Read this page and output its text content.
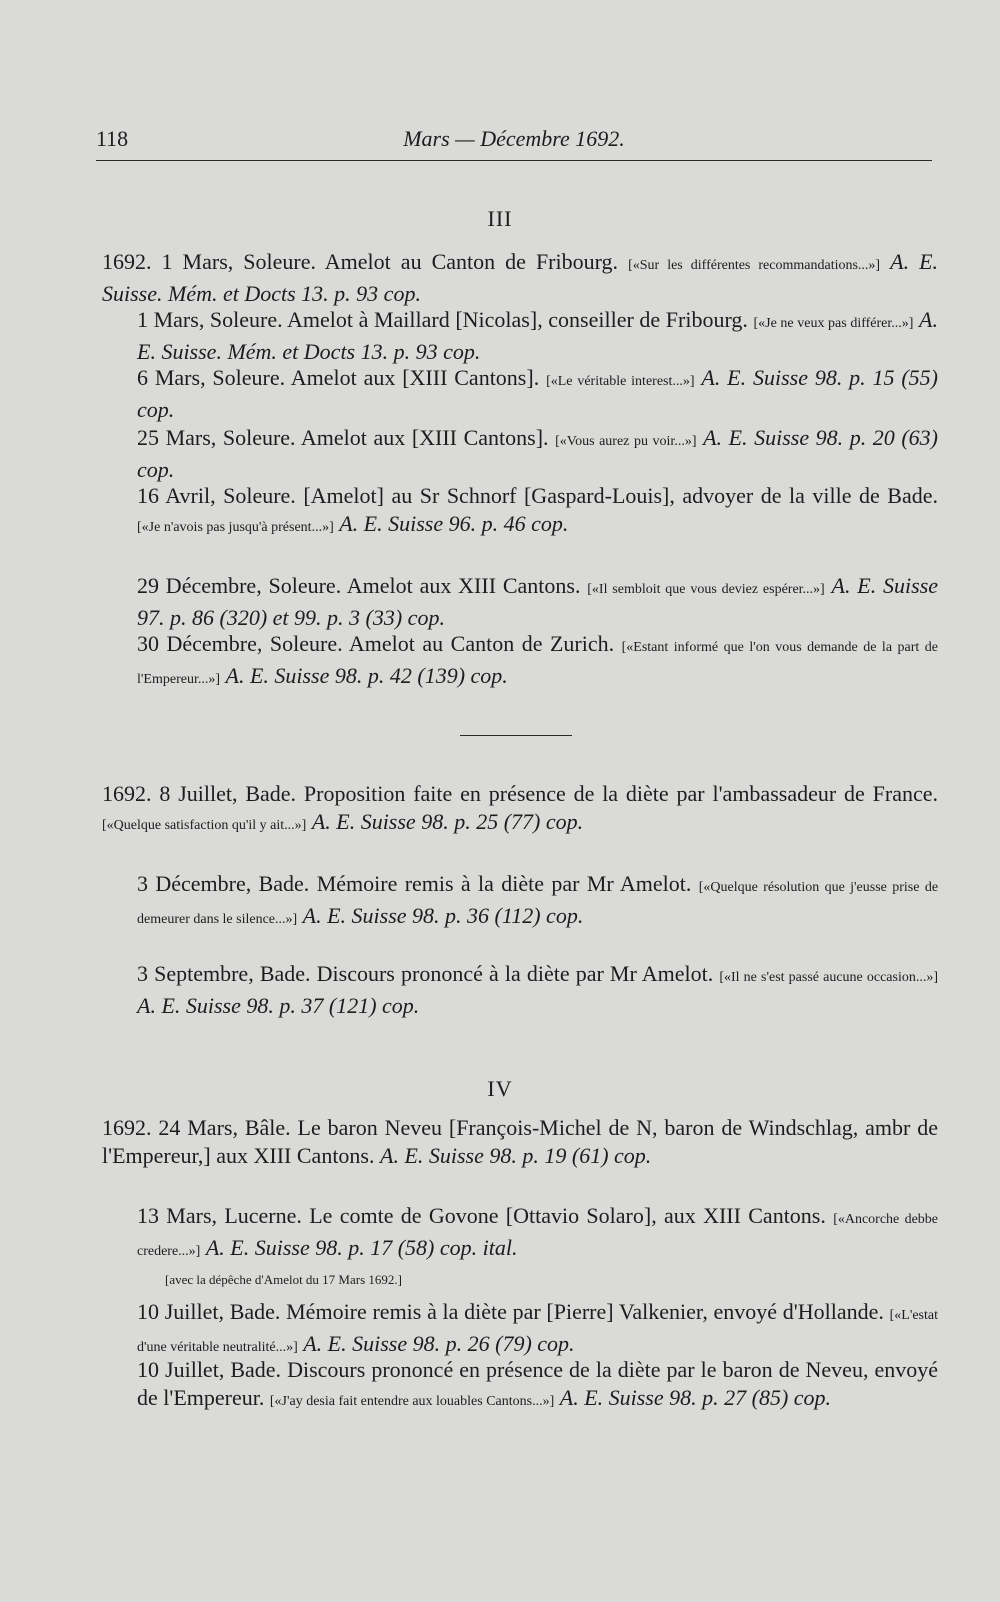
118	Mars — Décembre 1692.
III
1692. 1 Mars, Soleure. Amelot au Canton de Fribourg. [«Sur les différentes recommandations...»] A. E. Suisse. Mém. et Docts 13. p. 93 cop.
1 Mars, Soleure. Amelot à Maillard [Nicolas], conseiller de Fribourg. [«Je ne veux pas différer...»] A. E. Suisse. Mém. et Docts 13. p. 93 cop.
6 Mars, Soleure. Amelot aux [XIII Cantons]. [«Le véritable interest...»] A. E. Suisse 98. p. 15 (55) cop.
25 Mars, Soleure. Amelot aux [XIII Cantons]. [«Vous aurez pu voir...»] A. E. Suisse 98. p. 20 (63) cop.
16 Avril, Soleure. [Amelot] au Sr Schnorf [Gaspard-Louis], advoyer de la ville de Bade. [«Je n'avois pas jusqu'à présent...»] A. E. Suisse 96. p. 46 cop.
29 Décembre, Soleure. Amelot aux XIII Cantons. [«Il sembloit que vous deviez espérer...»] A. E. Suisse 97. p. 86 (320) et 99. p. 3 (33) cop.
30 Décembre, Soleure. Amelot au Canton de Zurich. [«Estant informé que l'on vous demande de la part de l'Empereur...»] A. E. Suisse 98. p. 42 (139) cop.
1692. 8 Juillet, Bade. Proposition faite en présence de la diète par l'ambassadeur de France. [«Quelque satisfaction qu'il y ait...»] A. E. Suisse 98. p. 25 (77) cop.
3 Décembre, Bade. Mémoire remis à la diète par Mr Amelot. [«Quelque résolution que j'eusse prise de demeurer dans le silence...»] A. E. Suisse 98. p. 36 (112) cop.
3 Septembre, Bade. Discours prononcé à la diète par Mr Amelot. [«Il ne s'est passé aucune occasion...»] A. E. Suisse 98. p. 37 (121) cop.
IV
1692. 24 Mars, Bâle. Le baron Neveu [François-Michel de N, baron de Windschlag, ambr de l'Empereur,] aux XIII Cantons. A. E. Suisse 98. p. 19 (61) cop.
13 Mars, Lucerne. Le comte de Govone [Ottavio Solaro], aux XIII Cantons. [«Ancorche debbe credere...»] A. E. Suisse 98. p. 17 (58) cop. ital.
[avec la dépêche d'Amelot du 17 Mars 1692.]
10 Juillet, Bade. Mémoire remis à la diète par [Pierre] Valkenier, envoyé d'Hollande. [«L'estat d'une véritable neutralité...»] A. E. Suisse 98. p. 26 (79) cop.
10 Juillet, Bade. Discours prononcé en présence de la diète par le baron de Neveu, envoyé de l'Empereur. [«J'ay desia fait entendre aux louables Cantons...»] A. E. Suisse 98. p. 27 (85) cop.
